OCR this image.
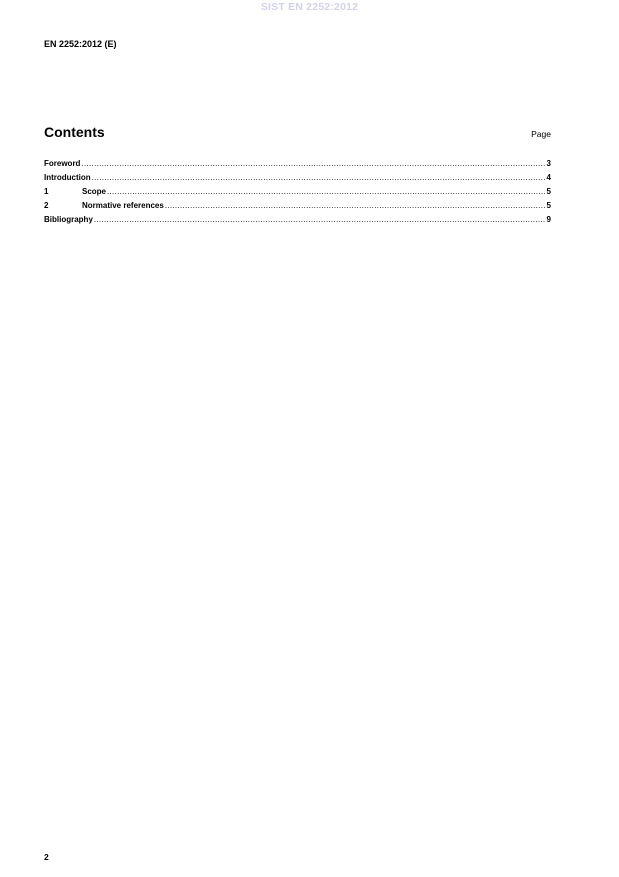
SIST EN 2252:2012
EN 2252:2012 (E)
Contents	Page
Foreword .....	3
Introduction .....	4
1	Scope .....	5
2	Normative references .....	5
Bibliography .....	9
2
